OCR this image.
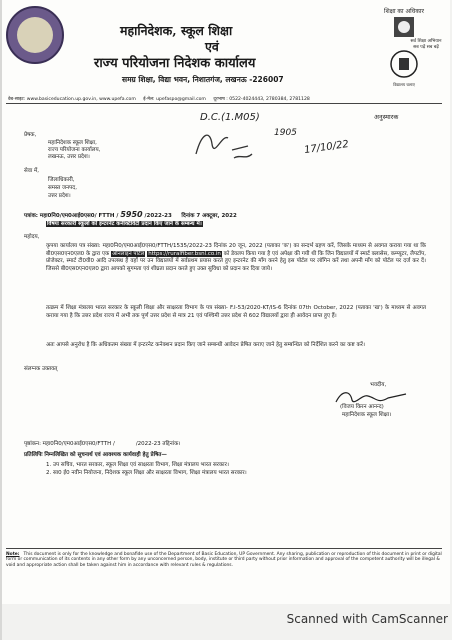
महानिदेशक, स्कूल शिक्षा
एवं
राज्य परियोजना निदेशक कार्यालय
समग्र शिक्षा, विद्या भवन, निशातगंज, लखनऊ -226007
शिक्षा का अधिकार
सर्व शिक्षा अभियान
सब पढ़ें सब बढ़ें
विद्यालय चलाए
वेब-साइट: www.basiceducation.up.gov.in, www.upefa.com ई-मेल: upefaspo@gmail.com दूरभाष : 0522-4024443, 2780384, 2781128
D.C.(1.M05)
1905
17/10/22
अनुस्मारक
प्रेषक,
महानिदेशक स्कूल शिक्षा,
राज्य परियोजना कार्यालय,
लखनऊ, उत्तर प्रदेश।
सेवा में,
जिलाधिकारी,
समस्त जनपद,
उत्तर प्रदेश।
पत्रांक: महा0नि0/एम0आई0एस0/ FTTH / 5950 /2022-23 दिनांक 7 अक्टूबर, 2022
विषयः सरकारी स्कूलों को इन्टरनेट कनेक्टिविटी प्रदान किए जाने के सम्बन्ध में।
महोदय,
कृपया कार्यालय पत्र संख्या: महा0नि0/एम0आई0एस0/FTTH/1535/2022-23 दिनांक 20 जून, 2022 (पताका 'क') का सन्दर्भ ग्रहण करें, जिसके माध्यम से अवगत कराया गया था कि बी0एस0एन0एल0 के द्वारा एक ऑनलाइन पोर्टल https://ruralfiber.bsnl.co.in को डेवलप किया गया है एवं अपेक्षा की गयी थी कि जिन विद्यालयों में स्मार्ट क्लासेस, कम्प्यूटर, लैपटॉप, प्रोजेक्टर, स्मार्ट टी0वी0 आदि उपलब्ध हैं वहाँ पर उन विद्यालयों में सर्वप्रथम प्रयास करते हुए इन्टरनेट की माँग करने हेतु इस पोर्टल पर लॉगिन करें तथा अपनी माँग को पोर्टल पर दर्ज कर दें। जिससे बी0एस0एन0एल0 द्वारा आपको सुगमता एवं शीघ्रता प्रदान करते हुए उक्त सुविधा को प्रदान कर दिया जाये।
तत्क्रम में शिक्षा मंत्रालय भारत सरकार के स्कूली शिक्षा और साक्षरता विभाग के पत्र संख्या- F.I-53/2020-KT/IS-6 दिनांक 07th October, 2022 (पताका 'ख') के माध्यम से अवगत कराया गया है कि उत्तर प्रदेश राज्य में अभी तक पूर्ण उत्तर प्रदेश से मात्र 21 एवं पश्चिमी उत्तर प्रदेश से 602 विद्यालयों द्वारा ही आवेदन प्राप्त हुए हैं।
अतः आपसे अनुरोध है कि अधिकतम संख्या में इन्टरनेट कनेक्शन प्रदान किए जाने सम्बन्धी आवेदन प्रेषित कराए जाने हेतु सम्बन्धित को निर्देशित करने का कष्ट करें।
संलग्नक उक्तवत्
भवदीय,
(विजय किरन आनन्द)
महानिदेशक स्कूल शिक्षा।
पृष्ठांकन: महा0नि0/एम0आई0एस0/FTTH /	/2022-23 तद्दिनांक।
प्रतिलिपिः निम्नलिखित को सूचनार्थ एवं आवश्यक कार्यवाही हेतु प्रेषित—
1. उप सचिव, भारत सरकार, स्कूल शिक्षा एवं साक्षरता विभाग, शिक्षा मंत्रालय भारत सरकार।
2. सा0 ई0 नवीन नियोजना, निदेशक स्कूल शिक्षा और साक्षरता विभाग, शिक्षा मंत्रालय भारत सरकार।
Note: This document is only for the knowledge and bonafide use of the Department of Basic Education, UP Government. Any sharing, publication or reproduction of this document in print or digital form or communication of its contents in any other form by any unconcerned person, body, institute or third party without prior information and approval of the competent authority will be illegal & void and appropriate action shall be taken against him in accordance with relevant rules & regulations.
Scanned with CamScanner
